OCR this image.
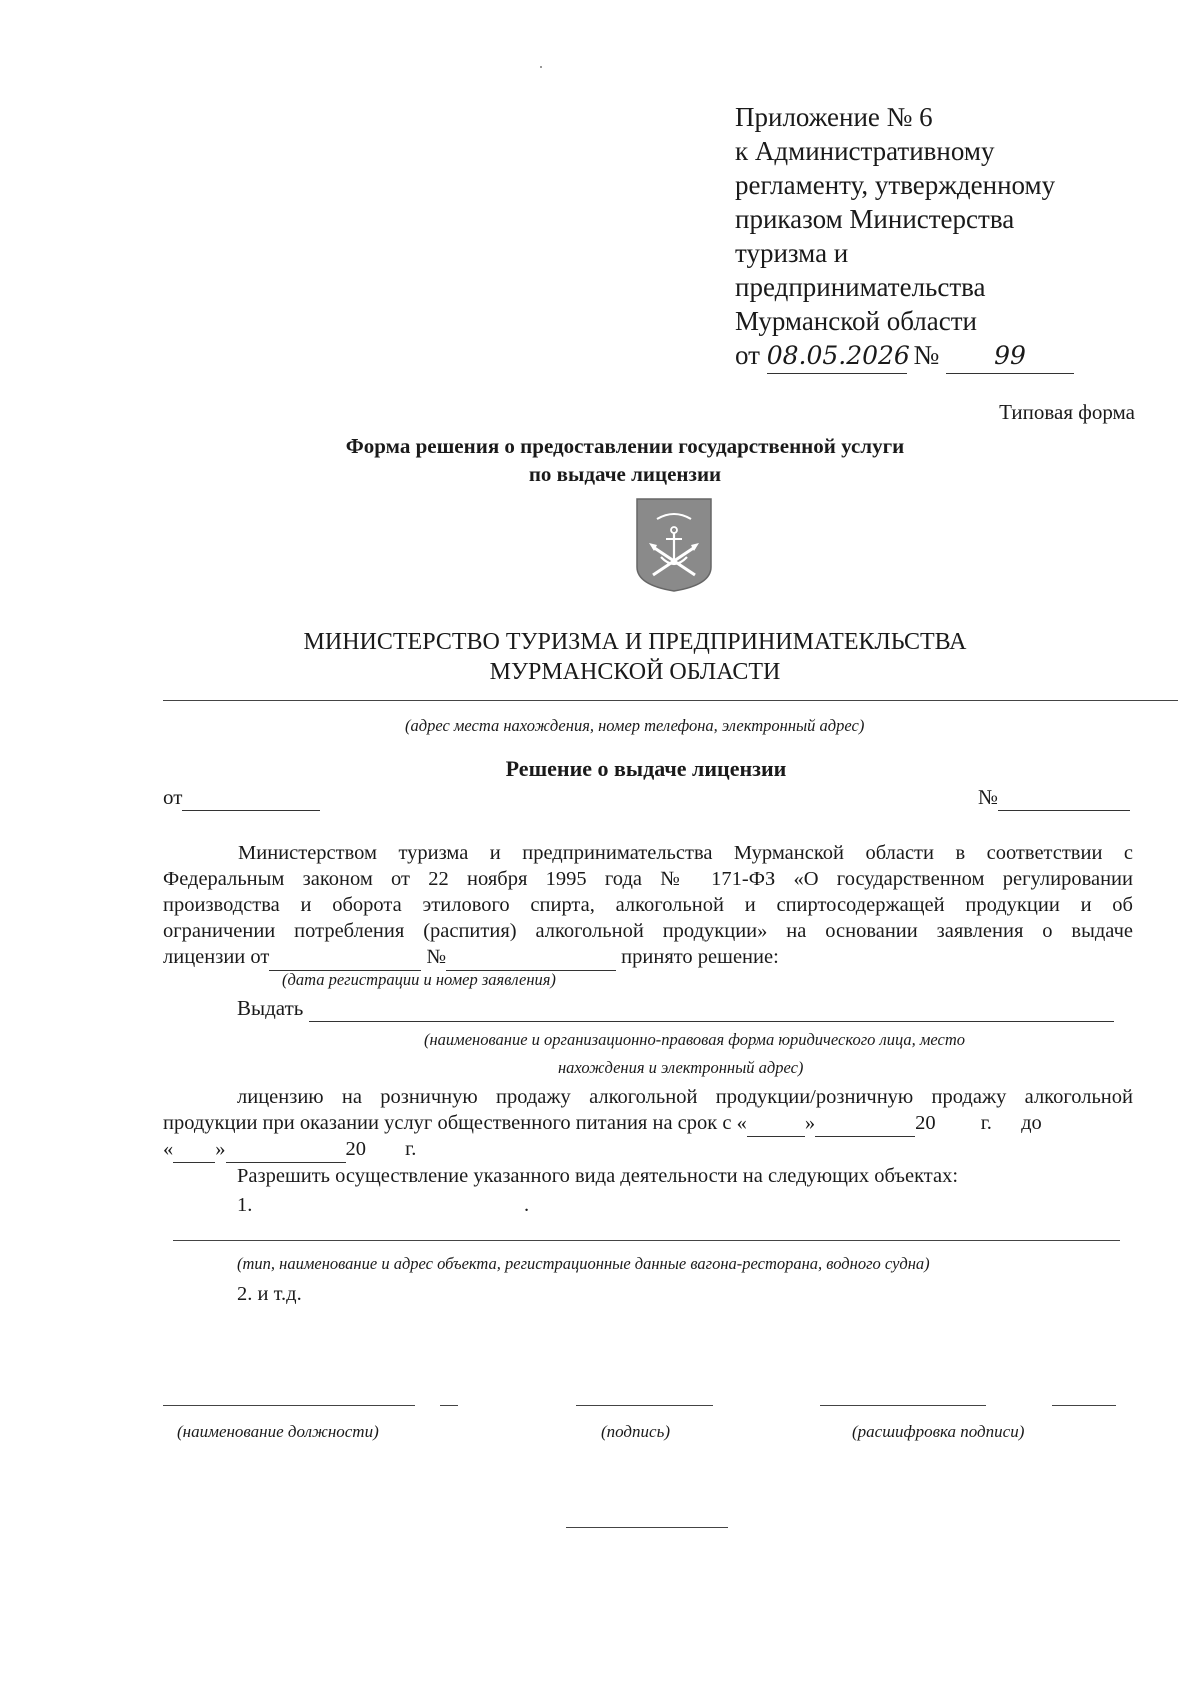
Приложение № 6
к Административному
регламенту, утвержденному
приказом Министерства
туризма и
предпринимательства
Мурманской области
от 08.05.2026 № 99
Типовая форма
Форма решения о предоставлении государственной услуги
по выдаче лицензии
МИНИСТЕРСТВО ТУРИЗМА И ПРЕДПРИНИМАТЕКЛЬСТВА
МУРМАНСКОЙ ОБЛАСТИ
(адрес места нахождения, номер телефона, электронный адрес)
Решение о выдаче лицензии
от	№
Министерством туризма и предпринимательства Мурманской области в соответствии с
Федеральным законом от 22 ноября 1995 года № 171-ФЗ «О государственном регулировании
производства и оборота этилового спирта, алкогольной и спиртосодержащей продукции и об
ограничении потребления (распития) алкогольной продукции» на основании заявления о выдаче
лицензии от	№	принято решение:
(дата регистрации и номер заявления)
Выдать
(наименование и организационно-правовая форма юридического лица, место
нахождения и электронный адрес)
лицензию на розничную продажу алкогольной продукции/розничную продажу алкогольной
продукции при оказании услуг общественного питания на срок с «	»	20 г. до
« »	20 г.
Разрешить осуществление указанного вида деятельности на следующих объектах:
1.	.
(тип, наименование и адрес объекта, регистрационные данные вагона-ресторана, водного судна)
2. и т.д.
(наименование должности)	(подпись)	(расшифровка подписи)
